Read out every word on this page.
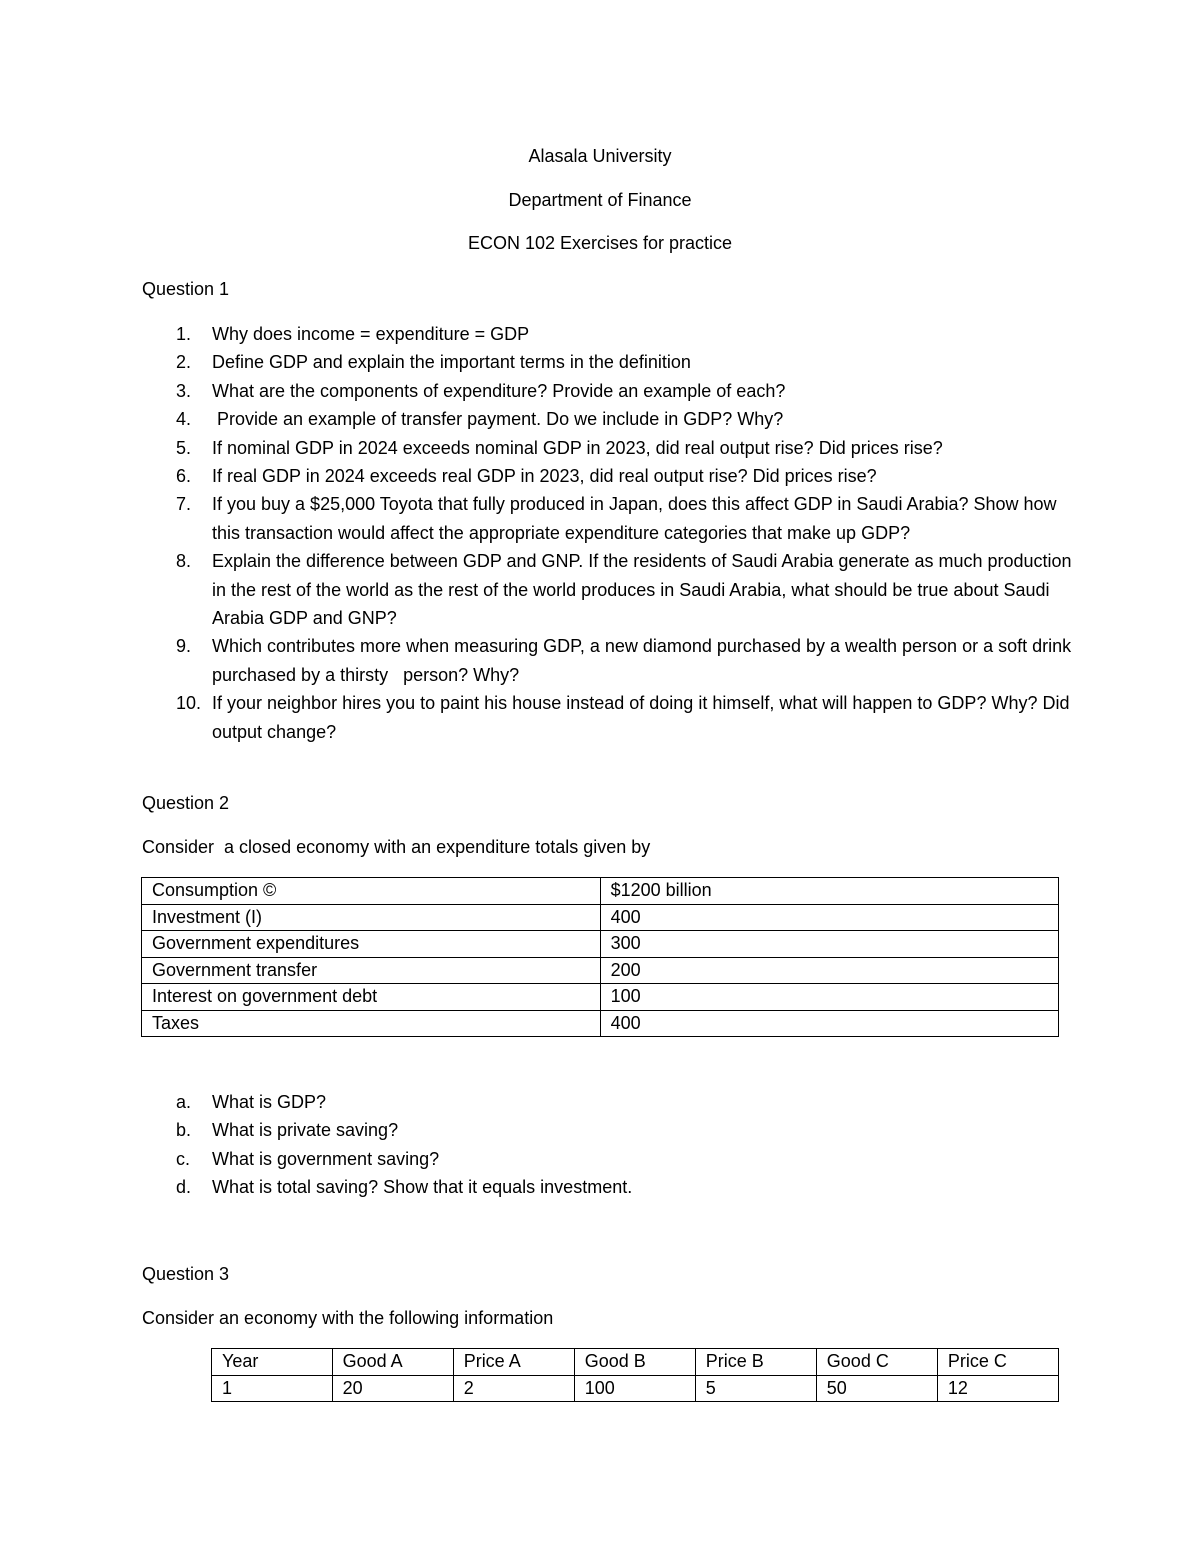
Alasala University
Department of Finance
ECON 102 Exercises for practice
Question 1
1. Why does income = expenditure = GDP
2. Define GDP and explain the important terms in the definition
3. What are the components of expenditure? Provide an example of each?
4. Provide an example of transfer payment. Do we include in GDP? Why?
5. If nominal GDP in 2024 exceeds nominal GDP in 2023, did real output rise? Did prices rise?
6. If real GDP in 2024 exceeds real GDP in 2023, did real output rise? Did prices rise?
7. If you buy a $25,000 Toyota that fully produced in Japan, does this affect GDP in Saudi Arabia? Show how this transaction would affect the appropriate expenditure categories that make up GDP?
8. Explain the difference between GDP and GNP. If the residents of Saudi Arabia generate as much production in the rest of the world as the rest of the world produces in Saudi Arabia, what should be true about Saudi Arabia GDP and GNP?
9. Which contributes more when measuring GDP, a new diamond purchased by a wealth person or a soft drink purchased by a thirsty   person? Why?
10. If your neighbor hires you to paint his house instead of doing it himself, what will happen to GDP? Why? Did output change?
Question 2
Consider  a closed economy with an expenditure totals given by
Consumption ©	$1200 billion
Investment (I)	400
Government expenditures	300
Government transfer	200
Interest on government debt	100
Taxes	400
a. What is GDP?
b. What is private saving?
c. What is government saving?
d. What is total saving? Show that it equals investment.
Question 3
Consider an economy with the following information
Year	Good A	Price A	Good B	Price B	Good C	Price C
1	20	2	100	5	50	12
